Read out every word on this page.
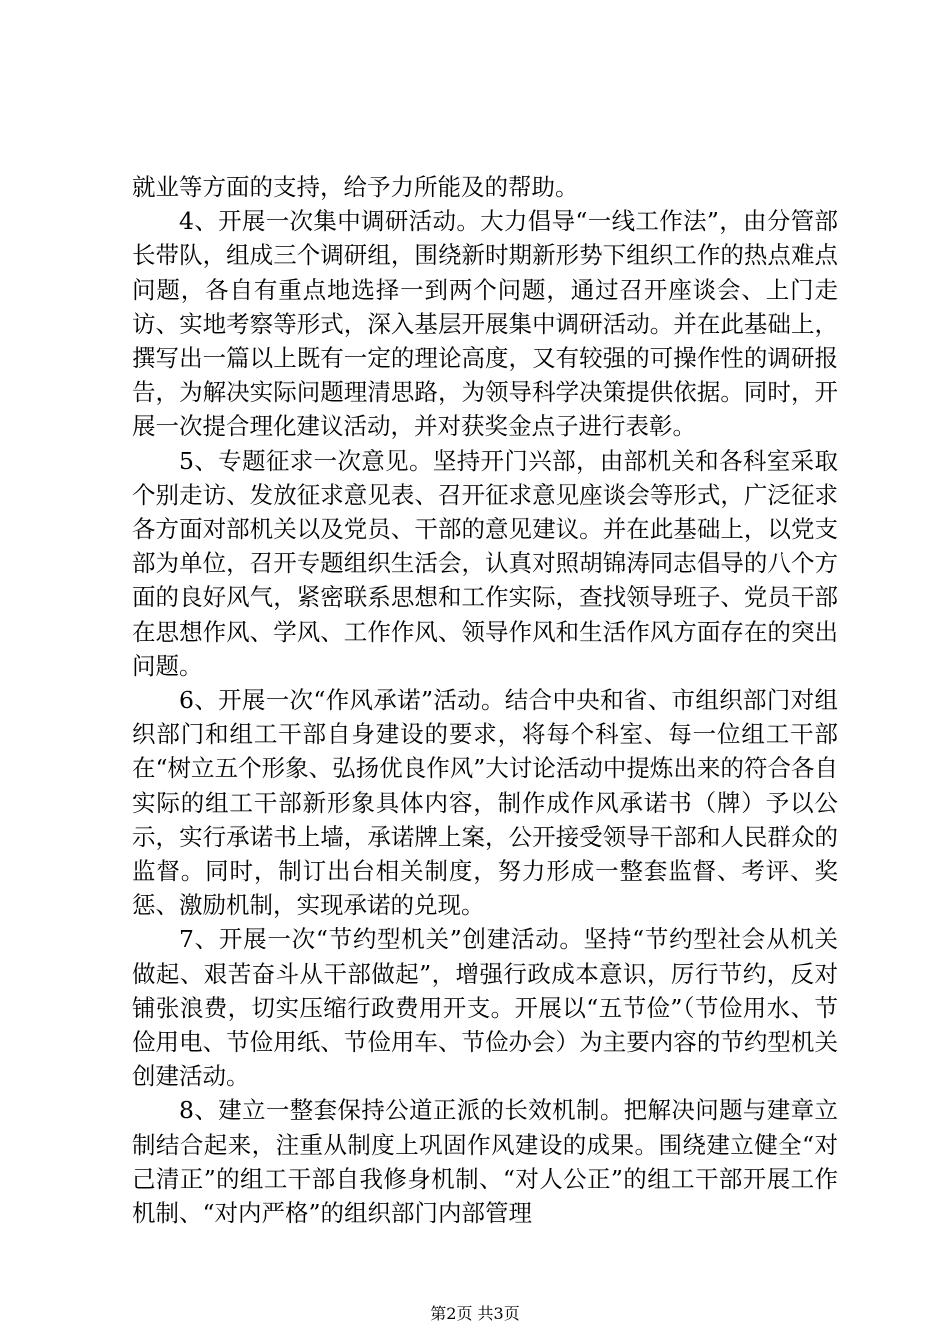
就业等方面的支持，给予力所能及的帮助。

4、开展一次集中调研活动。大力倡导“一线工作法”，由分管部长带队，组成三个调研组，围绕新时期新形势下组织工作的热点难点问题，各自有重点地选择一到两个问题，通过召开座谈会、上门走访、实地考察等形式，深入基层开展集中调研活动。并在此基础上，撰写出一篇以上既有一定的理论高度，又有较强的可操作性的调研报告，为解决实际问题理清思路，为领导科学决策提供依据。同时，开展一次提合理化建议活动，并对获奖金点子进行表彰。

5、专题征求一次意见。坚持开门兴部，由部机关和各科室采取个别走访、发放征求意见表、召开征求意见座谈会等形式，广泛征求各方面对部机关以及党员、干部的意见建议。并在此基础上，以党支部为单位，召开专题组织生活会，认真对照胡锦涛同志倡导的八个方面的良好风气，紧密联系思想和工作实际，查找领导班子、党员干部在思想作风、学风、工作作风、领导作风和生活作风方面存在的突出问题。

6、开展一次“作风承诺”活动。结合中央和省、市组织部门对组织部门和组工干部自身建设的要求，将每个科室、每一位组工干部在“树立五个形象、弘扬优良作风”大讨论活动中提炼出来的符合各自实际的组工干部新形象具体内容，制作成作风承诺书（牌）予以公示，实行承诺书上墙，承诺牌上案，公开接受领导干部和人民群众的监督。同时，制订出台相关制度，努力形成一整套监督、考评、奖惩、激励机制，实现承诺的兑现。

7、开展一次“节约型机关”创建活动。坚持“节约型社会从机关做起、艰苦奋斗从干部做起”，增强行政成本意识，厉行节约，反对铺张浪费，切实压缩行政费用开支。开展以“五节俭”（节俭用水、节俭用电、节俭用纸、节俭用车、节俭办会）为主要内容的节约型机关创建活动。

8、建立一整套保持公道正派的长效机制。把解决问题与建章立制结合起来，注重从制度上巩固作风建设的成果。围绕建立健全“对己清正”的组工干部自我修身机制、“对人公正”的组工干部开展工作机制、“对内严格”的组织部门内部管理

第2页 共3页
